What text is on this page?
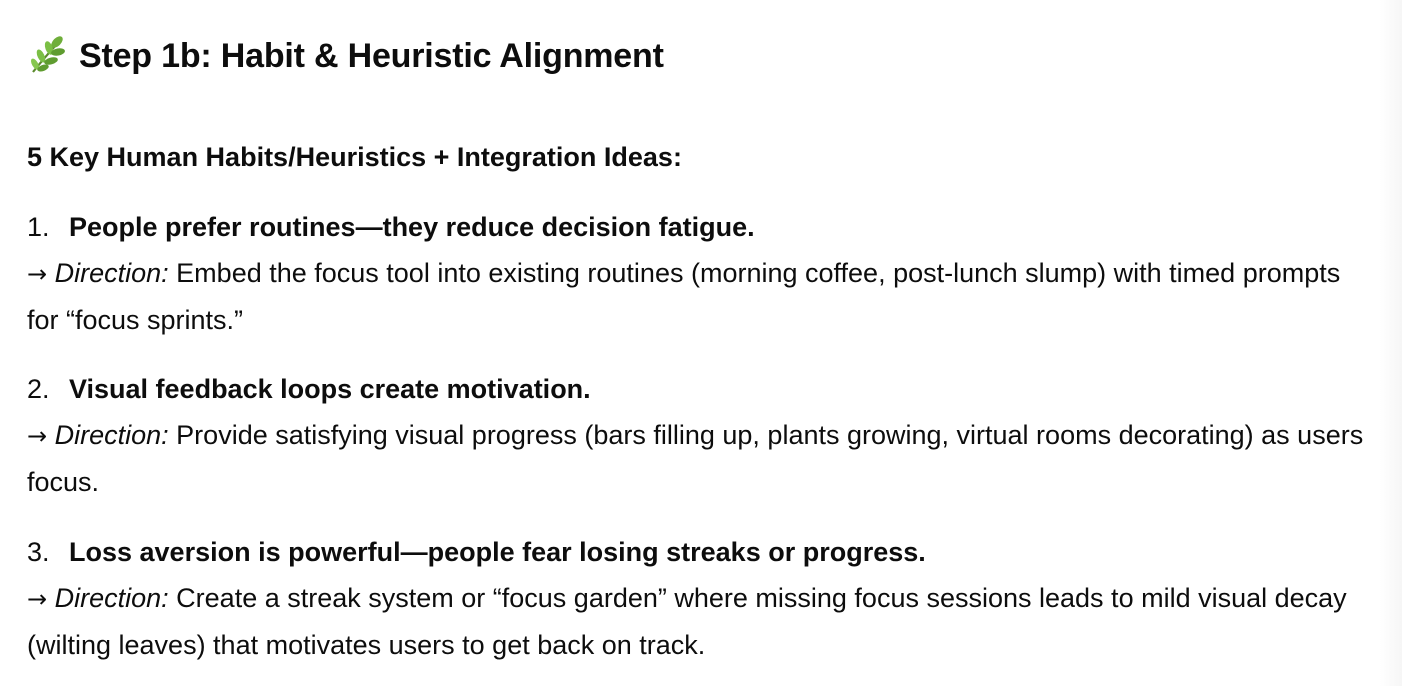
Step 1b: Habit & Heuristic Alignment
5 Key Human Habits/Heuristics + Integration Ideas:
1. People prefer routines—they reduce decision fatigue.

→ Direction: Embed the focus tool into existing routines (morning coffee, post-lunch slump) with timed prompts for “focus sprints.”

2. Visual feedback loops create motivation.

→ Direction: Provide satisfying visual progress (bars filling up, plants growing, virtual rooms decorating) as users focus.

3. Loss aversion is powerful—people fear losing streaks or progress.

→ Direction: Create a streak system or “focus garden” where missing focus sessions leads to mild visual decay (wilting leaves) that motivates users to get back on track.
